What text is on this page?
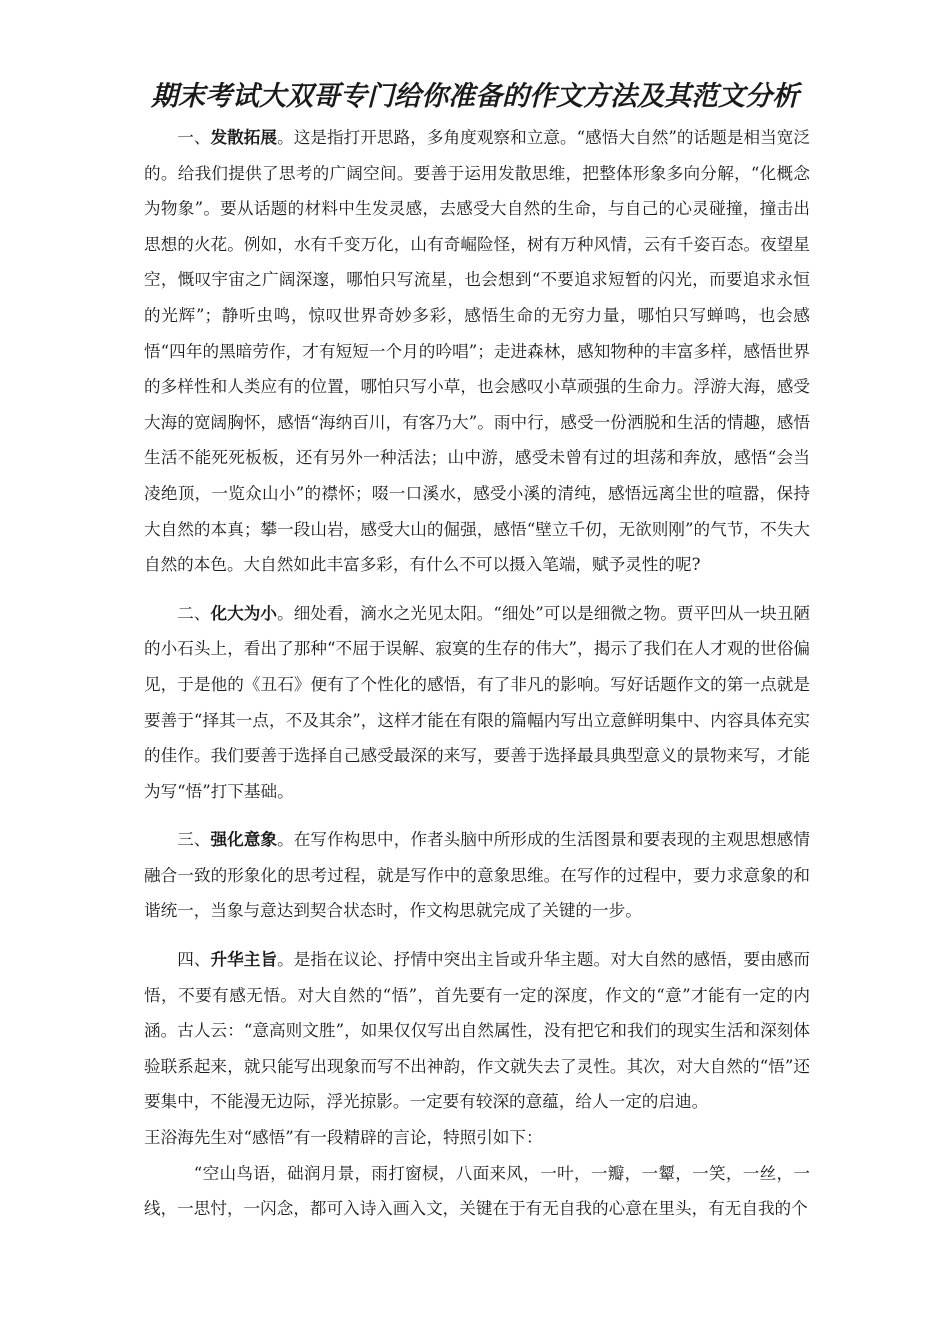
期末考试大双哥专门给你准备的作文方法及其范文分析

一、发散拓展。这是指打开思路，多角度观察和立意。“感悟大自然”的话题是相当宽泛的。给我们提供了思考的广阔空间。要善于运用发散思维，把整体形象多向分解，“化概念为物象”。要从话题的材料中生发灵感，去感受大自然的生命，与自己的心灵碰撞，撞击出思想的火花。例如，水有千变万化，山有奇崛险怪，树有万种风情，云有千姿百态。夜望星空，慨叹宇宙之广阔深邃，哪怕只写流星，也会想到“不要追求短暂的闪光，而要追求永恒的光辉”；静听虫鸣，惊叹世界奇妙多彩，感悟生命的无穷力量，哪怕只写蝉鸣，也会感悟“四年的黑暗劳作，才有短短一个月的吟唱”；走进森林，感知物种的丰富多样，感悟世界的多样性和人类应有的位置，哪怕只写小草，也会感叹小草顽强的生命力。浮游大海，感受大海的宽阔胸怀，感悟“海纳百川，有客乃大”。雨中行，感受一份洒脱和生活的情趣，感悟生活不能死死板板，还有另外一种活法；山中游，感受未曾有过的坦荡和奔放，感悟“会当凌绝顶，一览众山小”的襟怀；啜一口溪水，感受小溪的清纯，感悟远离尘世的喧嚣，保持大自然的本真；攀一段山岩，感受大山的倔强，感悟“壁立千仞，无欲则刚”的气节，不失大自然的本色。大自然如此丰富多彩，有什么不可以摄入笔端，赋予灵性的呢?

二、化大为小。细处看，滴水之光见太阳。“细处”可以是细微之物。贾平凹从一块丑陋的小石头上，看出了那种“不屈于误解、寂寞的生存的伟大”，揭示了我们在人才观的世俗偏见，于是他的《丑石》便有了个性化的感悟，有了非凡的影响。写好话题作文的第一点就是要善于“择其一点，不及其余”，这样才能在有限的篇幅内写出立意鲜明集中、内容具体充实的佳作。我们要善于选择自己感受最深的来写，要善于选择最具典型意义的景物来写，才能为写“悟”打下基础。

三、强化意象。在写作构思中，作者头脑中所形成的生活图景和要表现的主观思想感情融合一致的形象化的思考过程，就是写作中的意象思维。在写作的过程中，要力求意象的和谐统一，当象与意达到契合状态时，作文构思就完成了关键的一步。

四、升华主旨。是指在议论、抒情中突出主旨或升华主题。对大自然的感悟，要由感而悟，不要有感无悟。对大自然的“悟”，首先要有一定的深度，作文的“意”才能有一定的内涵。古人云：“意高则文胜”，如果仅仅写出自然属性，没有把它和我们的现实生活和深刻体验联系起来，就只能写出现象而写不出神韵，作文就失去了灵性。其次，对大自然的“悟”还要集中，不能漫无边际，浮光掠影。一定要有较深的意蕴，给人一定的启迪。

王浴海先生对“感悟”有一段精辟的言论，特照引如下：

“空山鸟语，础润月景，雨打窗棂，八面来风，一叶，一瓣，一颦，一笑，一丝，一线，一思忖，一闪念，都可入诗入画入文，关键在于有无自我的心意在里头，有无自我的个
